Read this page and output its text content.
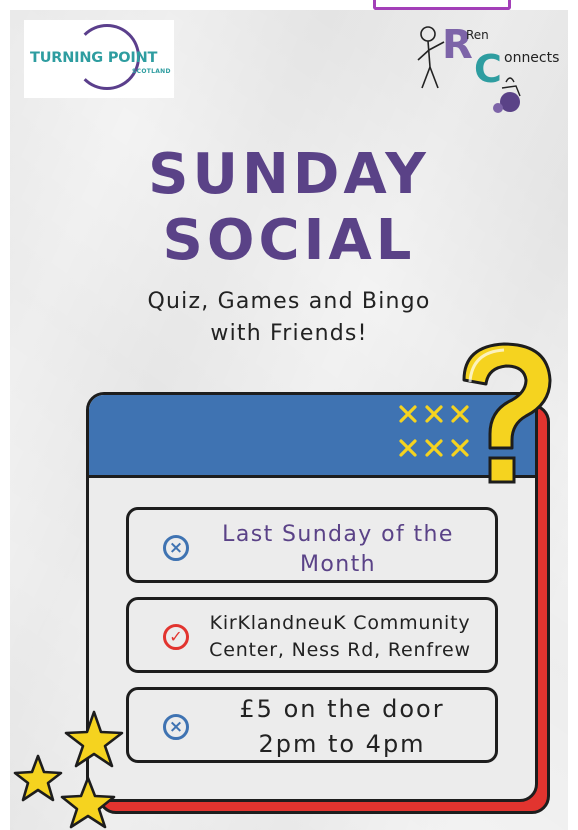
TURNING POINT
SCOTLAND
R
C
Ren
onnects
SUNDAY
SOCIAL
Quiz, Games and Bingo
with Friends!
×
Last Sunday of the
Month
✓
KirKlandneuK Community
Center, Ness Rd, Renfrew
×
£5 on the door
2pm to 4pm
